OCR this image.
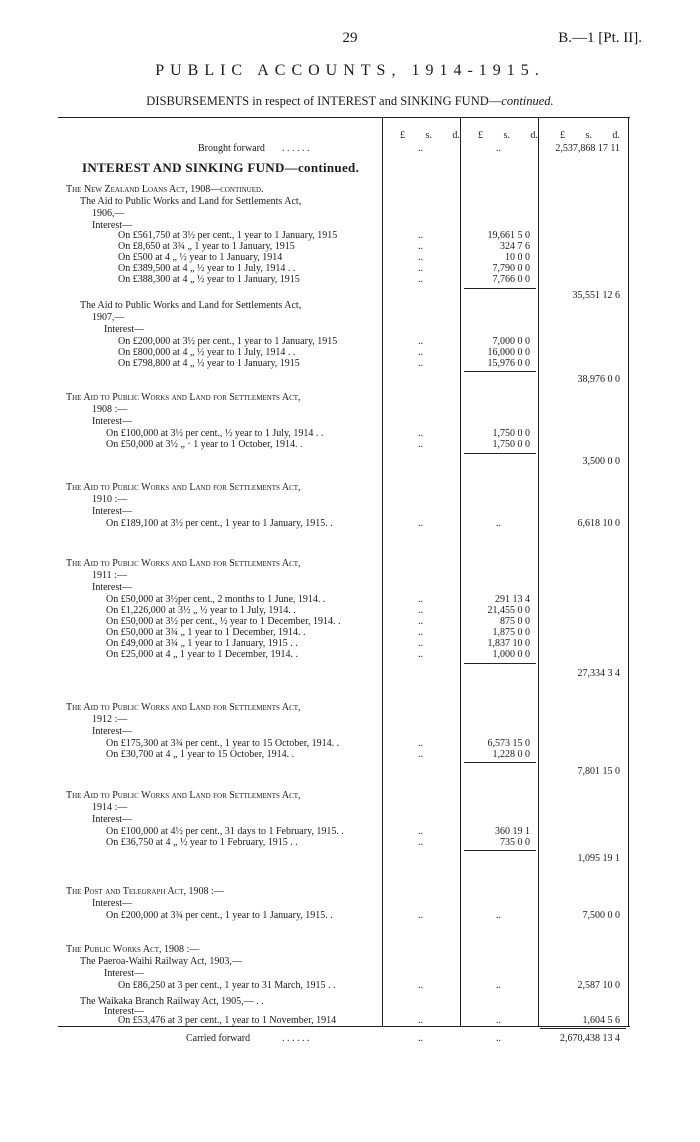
29	B.—1 [Pt. II].
PUBLIC ACCOUNTS, 1914-1915.
DISBURSEMENTS in respect of INTEREST and SINKING FUND—continued.
£ s. d. £ s. d. £ s. d.
Brought forward . . . . . .	..	..	2,537,868 17 11
INTEREST AND SINKING FUND—continued.
The New Zealand Loans Act, 1908—continued.
The Aid to Public Works and Land for Settlements Act,
1906,—
Interest—
On £561,750 at 3½ per cent., 1 year to 1 January, 1915	..	19,661 5 0
On £8,650 at 3¾ „ 1 year to 1 January, 1915	..	324 7 6
On £500 at 4 „ ½ year to 1 January, 1914	..	10 0 0
On £389,500 at 4 „ ½ year to 1 July, 1914 . .	..	7,790 0 0
On £388,300 at 4 „ ½ year to 1 January, 1915	..	7,766 0 0
35,551 12 6
The Aid to Public Works and Land for Settlements Act,
1907,—
Interest—
On £200,000 at 3½ per cent., 1 year to 1 January, 1915	..	7,000 0 0
On £800,000 at 4 „ ½ year to 1 July, 1914 . .	..	16,000 0 0
On £798,800 at 4 „ ½ year to 1 January, 1915	..	15,976 0 0
38,976 0 0
The Aid to Public Works and Land for Settlements Act,
1908 :—
Interest—
On £100,000 at 3½ per cent., ½ year to 1 July, 1914 . .	..	1,750 0 0
On £50,000 at 3½ „ · 1 year to 1 October, 1914. .	..	1,750 0 0
3,500 0 0
The Aid to Public Works and Land for Settlements Act,
1910 :—
Interest—
On £189,100 at 3½ per cent., 1 year to 1 January, 1915. .	..	..	6,618 10 0
The Aid to Public Works and Land for Settlements Act,
1911 :—
Interest—
On £50,000 at 3½per cent., 2 months to 1 June, 1914. .	..	291 13 4
On £1,226,000 at 3½ „ ½ year to 1 July, 1914. .	..	21,455 0 0
On £50,000 at 3½ per cent., ½ year to 1 December, 1914. .	..	875 0 0
On £50,000 at 3¾ „ 1 year to 1 December, 1914. .	..	1,875 0 0
On £49,000 at 3¾ „ 1 year to 1 January, 1915 . .	..	1,837 10 0
On £25,000 at 4 „ 1 year to 1 December, 1914. .	..	1,000 0 0
27,334 3 4
The Aid to Public Works and Land for Settlements Act,
1912 :—
Interest—
On £175,300 at 3¾ per cent., 1 year to 15 October, 1914. .	..	6,573 15 0
On £30,700 at 4 „ 1 year to 15 October, 1914. .	..	1,228 0 0
7,801 15 0
The Aid to Public Works and Land for Settlements Act,
1914 :—
Interest—
On £100,000 at 4½ per cent., 31 days to 1 February, 1915. .	..	360 19 1
On £36,750 at 4 „ ½ year to 1 February, 1915 . .	..	735 0 0
1,095 19 1
The Post and Telegraph Act, 1908 :—
Interest—
On £200,000 at 3¾ per cent., 1 year to 1 January, 1915. .	..	..	7,500 0 0
The Public Works Act, 1908 :—
The Paeroa-Waihi Railway Act, 1903,—
Interest—
On £86,250 at 3 per cent., 1 year to 31 March, 1915 . .	..	..	2,587 10 0
The Waikaka Branch Railway Act, 1905,— . .
Interest—
On £53,476 at 3 per cent., 1 year to 1 November, 1914	..	..	1,604 5 6
Carried forward	. . . . . .	..	..	2,670,438 13 4
